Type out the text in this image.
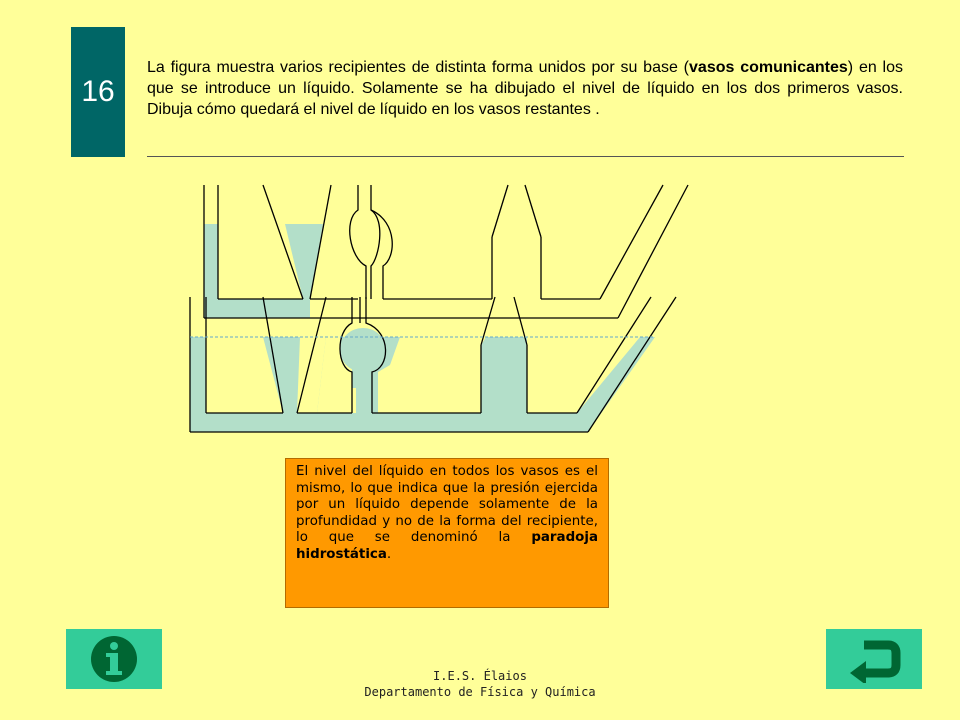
16
La figura muestra varios recipientes de distinta forma unidos por su base (vasos comunicantes) en los que se introduce un líquido. Solamente se ha dibujado el nivel de líquido en los dos primeros vasos. Dibuja cómo quedará el nivel de líquido en los vasos restantes .
El nivel del líquido en todos los vasos es el mismo, lo que indica que la presión ejercida por un líquido depende solamente de la profundidad y no de la forma del recipiente, lo que se denominó la paradoja hidrostática.
I.E.S. Élaios
Departamento de Física y Química
